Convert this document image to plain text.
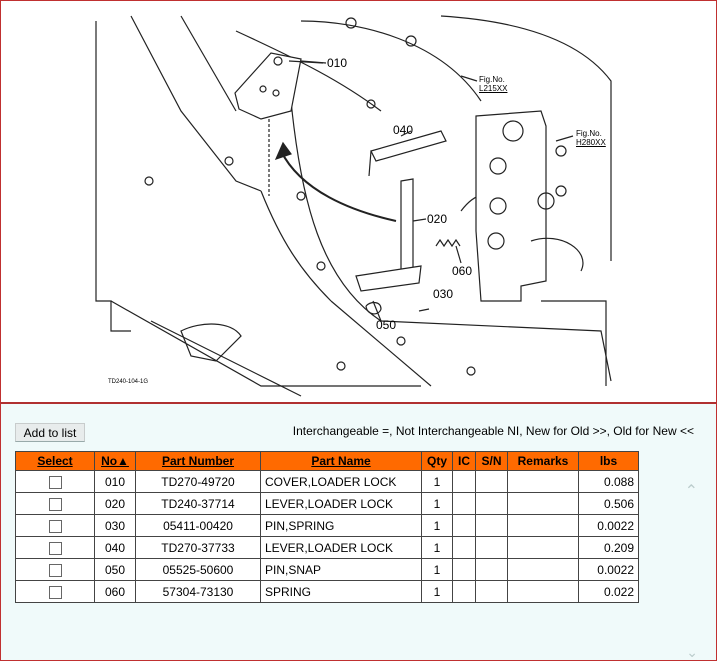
010
040
020
060
030
050
Fig.No.
L215XX
Fig.No.
H280XX
TD240-104-1G
Add to list	Interchangeable =, Not Interchangeable NI, New for Old >>, Old for New <<
Select	No▲	Part Number	Part Name	Qty	IC	S/N	Remarks	lbs
	010	TD270-49720	COVER,LOADER LOCK	1				0.088
	020	TD240-37714	LEVER,LOADER LOCK	1				0.506
	030	05411-00420	PIN,SPRING	1				0.0022
	040	TD270-37733	LEVER,LOADER LOCK	1				0.209
	050	05525-50600	PIN,SNAP	1				0.0022
	060	57304-73130	SPRING	1				0.022
⌃
⌄
